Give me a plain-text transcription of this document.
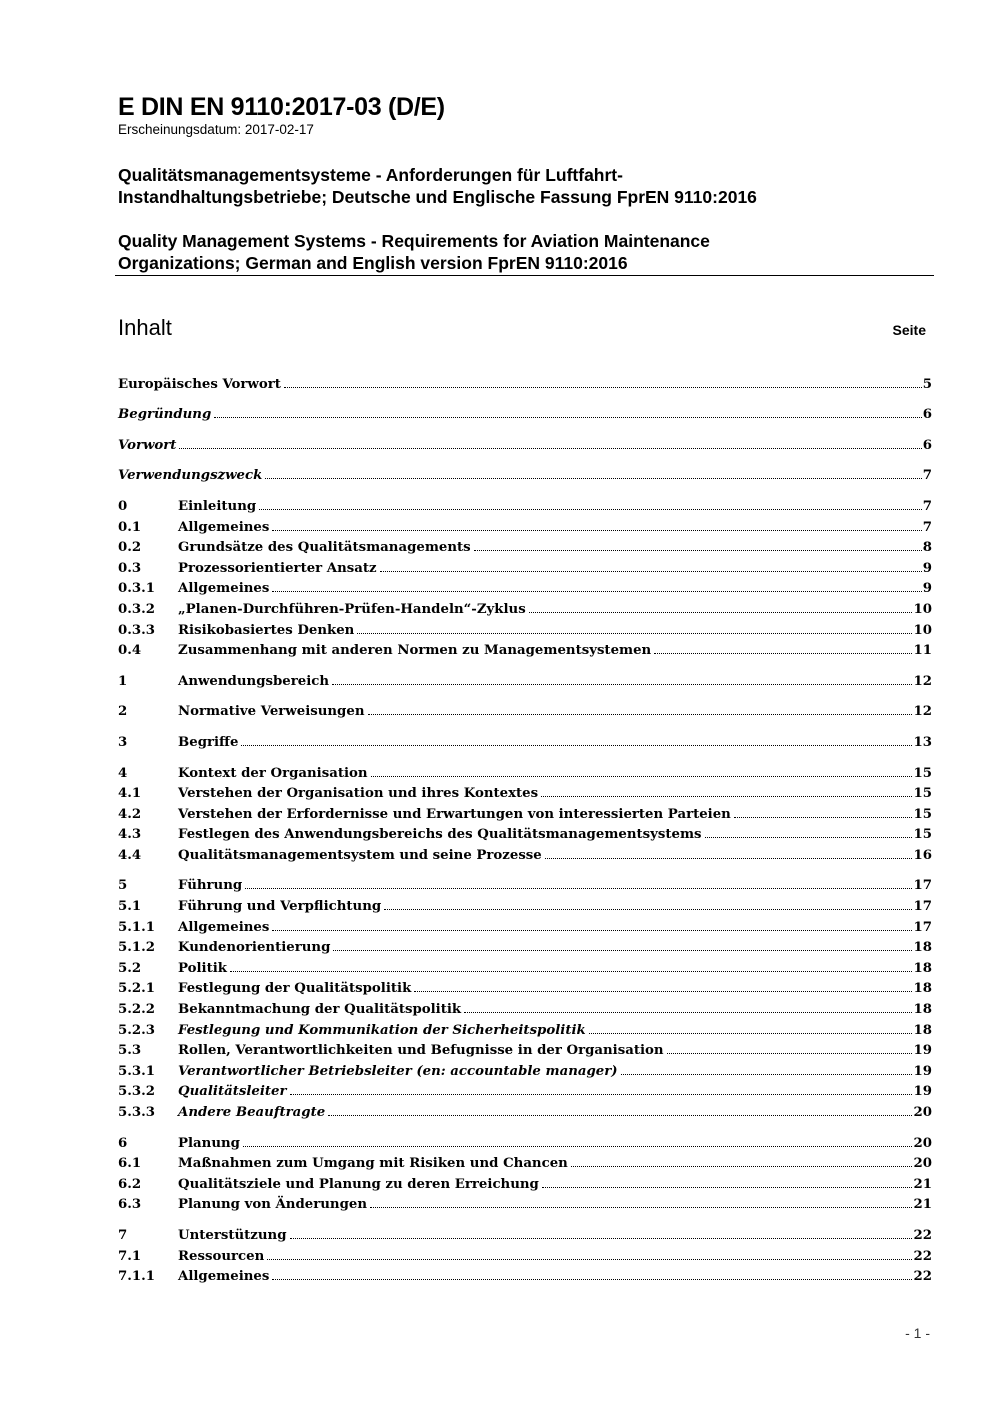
E DIN EN 9110:2017-03 (D/E)
Erscheinungsdatum: 2017-02-17
Qualitätsmanagementsysteme - Anforderungen für Luftfahrt-
Instandhaltungsbetriebe; Deutsche und Englische Fassung FprEN 9110:2016
Quality Management Systems - Requirements for Aviation Maintenance
Organizations; German and English version FprEN 9110:2016
Inhalt	Seite
Europäisches Vorwort	5
Begründung	6
Vorwort	6
Verwendungszweck	7
0	Einleitung	7
0.1	Allgemeines	7
0.2	Grundsätze des Qualitätsmanagements	8
0.3	Prozessorientierter Ansatz	9
0.3.1	Allgemeines	9
0.3.2	„Planen-Durchführen-Prüfen-Handeln“-Zyklus	10
0.3.3	Risikobasiertes Denken	10
0.4	Zusammenhang mit anderen Normen zu Managementsystemen	11
1	Anwendungsbereich	12
2	Normative Verweisungen	12
3	Begriffe	13
4	Kontext der Organisation	15
4.1	Verstehen der Organisation und ihres Kontextes	15
4.2	Verstehen der Erfordernisse und Erwartungen von interessierten Parteien	15
4.3	Festlegen des Anwendungsbereichs des Qualitätsmanagementsystems	15
4.4	Qualitätsmanagementsystem und seine Prozesse	16
5	Führung	17
5.1	Führung und Verpflichtung	17
5.1.1	Allgemeines	17
5.1.2	Kundenorientierung	18
5.2	Politik	18
5.2.1	Festlegung der Qualitätspolitik	18
5.2.2	Bekanntmachung der Qualitätspolitik	18
5.2.3	Festlegung und Kommunikation der Sicherheitspolitik	18
5.3	Rollen, Verantwortlichkeiten und Befugnisse in der Organisation	19
5.3.1	Verantwortlicher Betriebsleiter (en: accountable manager)	19
5.3.2	Qualitätsleiter	19
5.3.3	Andere Beauftragte	20
6	Planung	20
6.1	Maßnahmen zum Umgang mit Risiken und Chancen	20
6.2	Qualitätsziele und Planung zu deren Erreichung	21
6.3	Planung von Änderungen	21
7	Unterstützung	22
7.1	Ressourcen	22
7.1.1	Allgemeines	22
- 1 -
